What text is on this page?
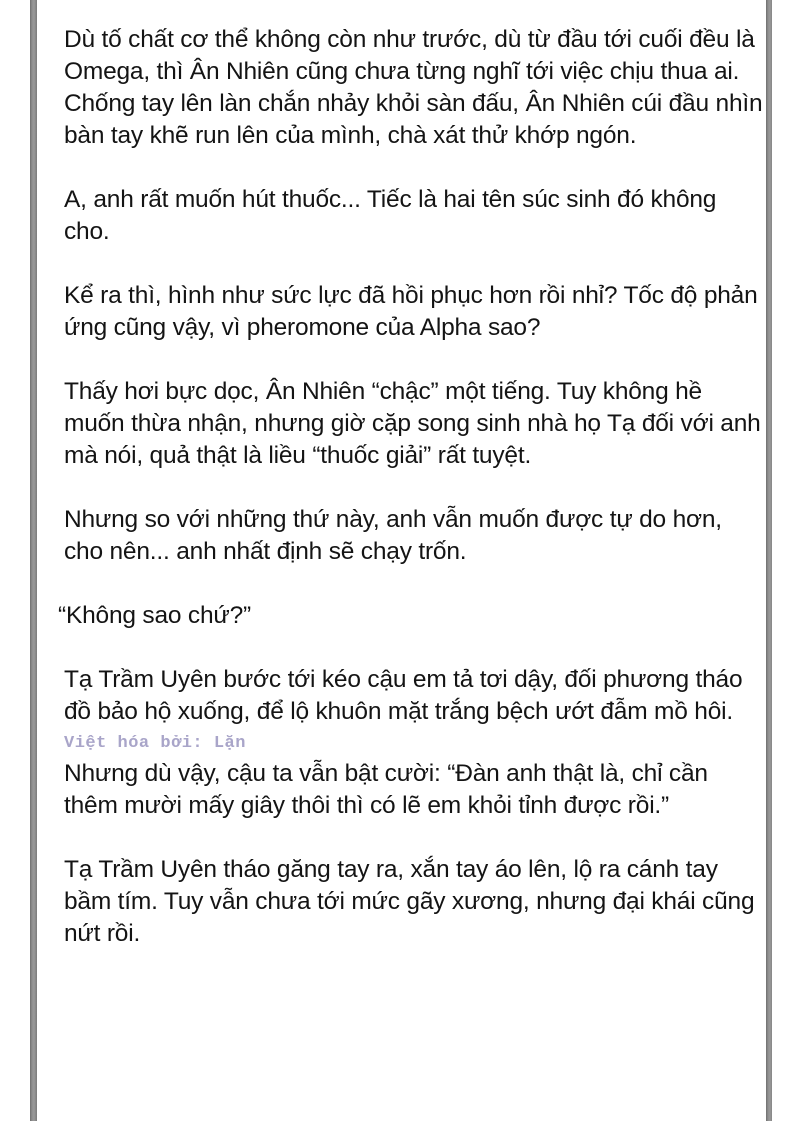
Dù tố chất cơ thể không còn như trước, dù từ đầu tới cuối đều là Omega, thì Ân Nhiên cũng chưa từng nghĩ tới việc chịu thua ai. Chống tay lên làn chắn nhảy khỏi sàn đấu, Ân Nhiên cúi đầu nhìn bàn tay khẽ run lên của mình, chà xát thử khớp ngón.

A, anh rất muốn hút thuốc... Tiếc là hai tên súc sinh đó không cho.

Kể ra thì, hình như sức lực đã hồi phục hơn rồi nhỉ? Tốc độ phản ứng cũng vậy, vì pheromone của Alpha sao?

Thấy hơi bực dọc, Ân Nhiên “chậc” một tiếng. Tuy không hề muốn thừa nhận, nhưng giờ cặp song sinh nhà họ Tạ đối với anh mà nói, quả thật là liều “thuốc giải” rất tuyệt.

Nhưng so với những thứ này, anh vẫn muốn được tự do hơn, cho nên... anh nhất định sẽ chạy trốn.

“Không sao chứ?”

Tạ Trầm Uyên bước tới kéo cậu em tả tơi dậy, đối phương tháo đồ bảo hộ xuống, để lộ khuôn mặt trắng bệch ướt đẫm mồ hôi.

Việt hóa bởi: Lặn

Nhưng dù vậy, cậu ta vẫn bật cười: “Đàn anh thật là, chỉ cần thêm mười mấy giây thôi thì có lẽ em khỏi tỉnh được rồi.”

Tạ Trầm Uyên tháo găng tay ra, xắn tay áo lên, lộ ra cánh tay bầm tím. Tuy vẫn chưa tới mức gãy xương, nhưng đại khái cũng nứt rồi.
